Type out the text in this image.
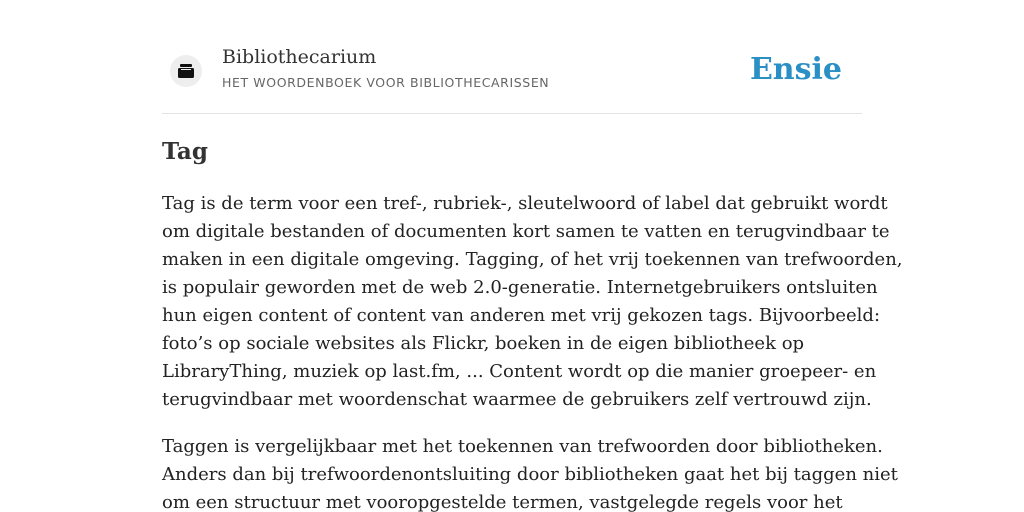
Bibliothecarium
HET WOORDENBOEK VOOR BIBLIOTHECARISSEN	Ensie
Tag

Tag is de term voor een tref-, rubriek-, sleutelwoord of label dat gebruikt wordt
om digitale bestanden of documenten kort samen te vatten en terugvindbaar te
maken in een digitale omgeving. Tagging, of het vrij toekennen van trefwoorden,
is populair geworden met de web 2.0-generatie. Internetgebruikers ontsluiten
hun eigen content of content van anderen met vrij gekozen tags. Bijvoorbeeld:
foto’s op sociale websites als Flickr, boeken in de eigen bibliotheek op
LibraryThing, muziek op last.fm, ... Content wordt op die manier groepeer- en
terugvindbaar met woordenschat waarmee de gebruikers zelf vertrouwd zijn.

Taggen is vergelijkbaar met het toekennen van trefwoorden door bibliotheken.
Anders dan bij trefwoordenontsluiting door bibliotheken gaat het bij taggen niet
om een structuur met vooropgestelde termen, vastgelegde regels voor het
